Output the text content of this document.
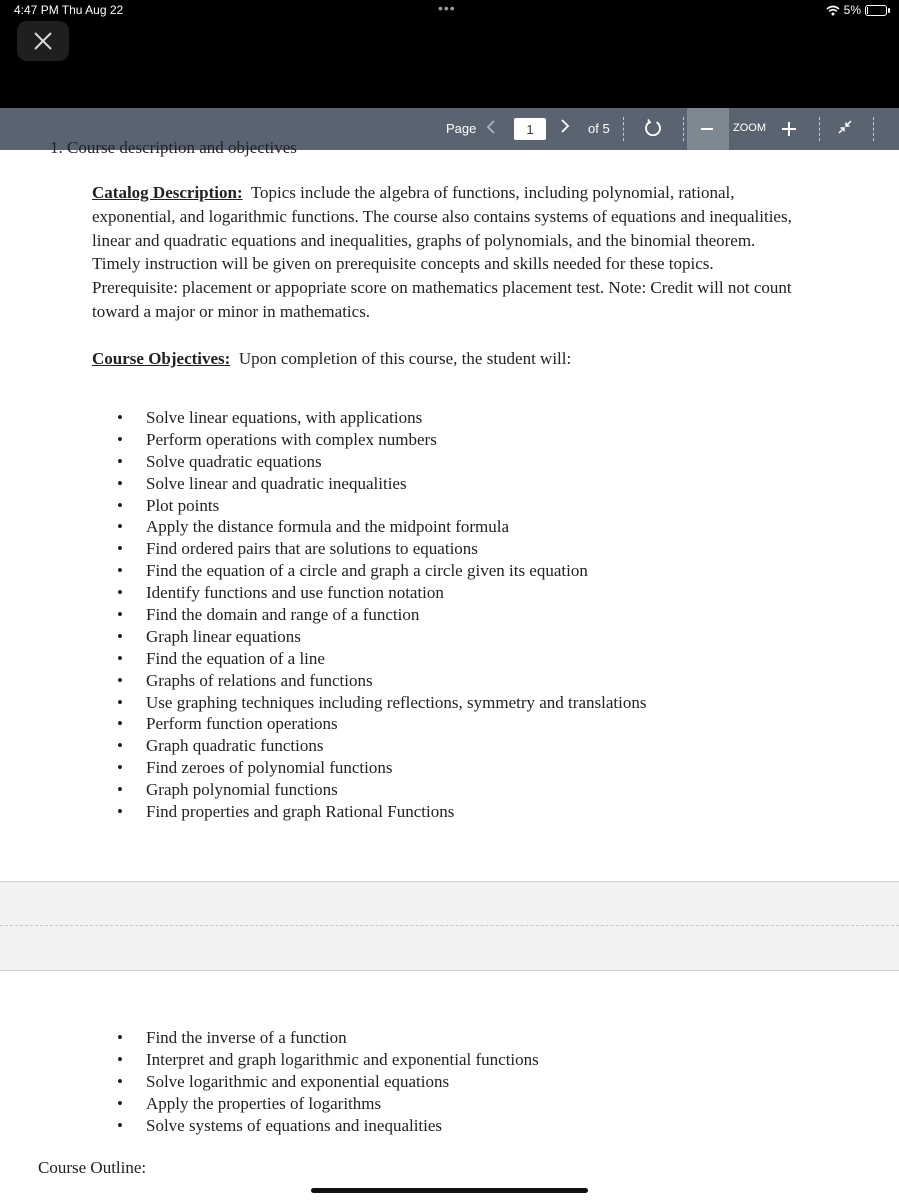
4:47 PM Thu Aug 22	•••	5%
Page	of 5	ZOOM
1
1. Course description and objectives
Catalog Description: Topics include the algebra of functions, including polynomial, rational,
exponential, and logarithmic functions. The course also contains systems of equations and inequalities,
linear and quadratic equations and inequalities, graphs of polynomials, and the binomial theorem.
Timely instruction will be given on prerequisite concepts and skills needed for these topics.
Prerequisite: placement or appopriate score on mathematics placement test. Note: Credit will not count
toward a major or minor in mathematics.
Course Objectives: Upon completion of this course, the student will:
• Solve linear equations, with applications
• Perform operations with complex numbers
• Solve quadratic equations
• Solve linear and quadratic inequalities
• Plot points
• Apply the distance formula and the midpoint formula
• Find ordered pairs that are solutions to equations
• Find the equation of a circle and graph a circle given its equation
• Identify functions and use function notation
• Find the domain and range of a function
• Graph linear equations
• Find the equation of a line
• Graphs of relations and functions
• Use graphing techniques including reflections, symmetry and translations
• Perform function operations
• Graph quadratic functions
• Find zeroes of polynomial functions
• Graph polynomial functions
• Find properties and graph Rational Functions
• Find the inverse of a function
• Interpret and graph logarithmic and exponential functions
• Solve logarithmic and exponential equations
• Apply the properties of logarithms
• Solve systems of equations and inequalities
Course Outline:
